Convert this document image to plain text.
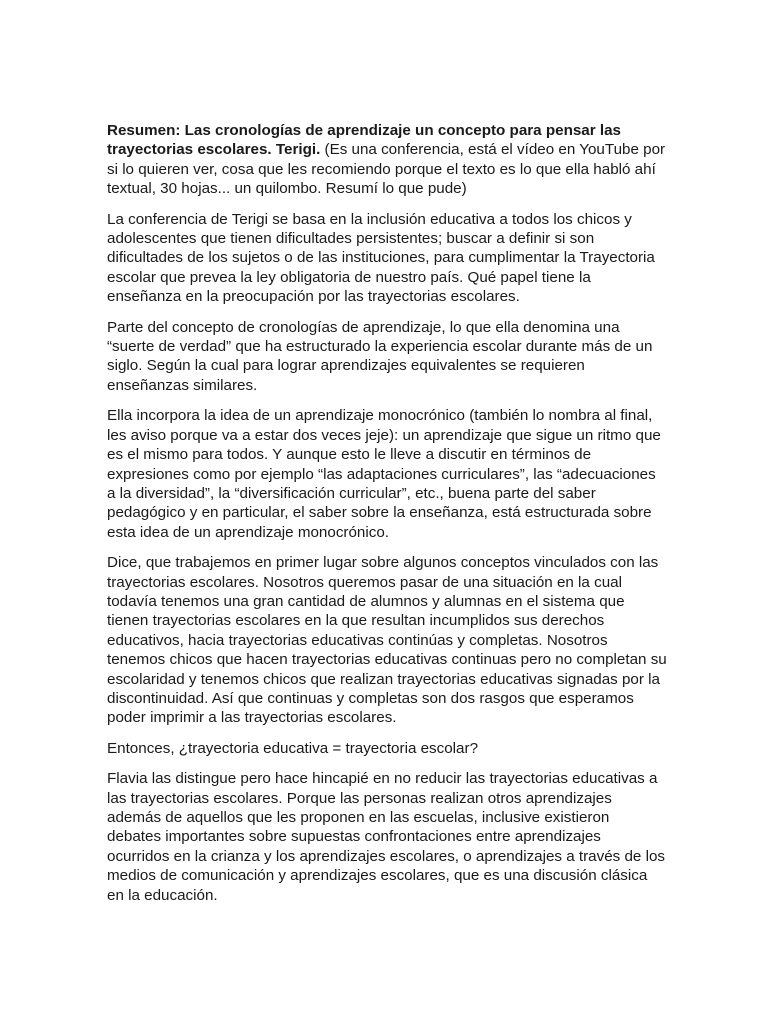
Resumen: Las cronologías de aprendizaje un concepto para pensar las trayectorias escolares. Terigi. (Es una conferencia, está el vídeo en YouTube por si lo quieren ver, cosa que les recomiendo porque el texto es lo que ella habló ahí textual, 30 hojas... un quilombo. Resumí lo que pude)

La conferencia de Terigi se basa en la inclusión educativa a todos los chicos y adolescentes que tienen dificultades persistentes; buscar a definir si son dificultades de los sujetos o de las instituciones, para cumplimentar la Trayectoria escolar que prevea la ley obligatoria de nuestro país. Qué papel tiene la enseñanza en la preocupación por las trayectorias escolares.

Parte del concepto de cronologías de aprendizaje, lo que ella denomina una “suerte de verdad” que ha estructurado la experiencia escolar durante más de un siglo. Según la cual para lograr aprendizajes equivalentes se requieren enseñanzas similares.

Ella incorpora la idea de un aprendizaje monocrónico (también lo nombra al final, les aviso porque va a estar dos veces jeje): un aprendizaje que sigue un ritmo que es el mismo para todos. Y aunque esto le lleve a discutir en términos de expresiones como por ejemplo “las adaptaciones curriculares”, las “adecuaciones a la diversidad”, la “diversificación curricular”, etc., buena parte del saber pedagógico y en particular, el saber sobre la enseñanza, está estructurada sobre esta idea de un aprendizaje monocrónico.

Dice, que trabajemos en primer lugar sobre algunos conceptos vinculados con las trayectorias escolares. Nosotros queremos pasar de una situación en la cual todavía tenemos una gran cantidad de alumnos y alumnas en el sistema que tienen trayectorias escolares en la que resultan incumplidos sus derechos educativos, hacia trayectorias educativas continúas y completas. Nosotros tenemos chicos que hacen trayectorias educativas continuas pero no completan su escolaridad y tenemos chicos que realizan trayectorias educativas signadas por la discontinuidad. Así que continuas y completas son dos rasgos que esperamos poder imprimir a las trayectorias escolares.

Entonces, ¿trayectoria educativa = trayectoria escolar?

Flavia las distingue pero hace hincapié en no reducir las trayectorias educativas a las trayectorias escolares. Porque las personas realizan otros aprendizajes además de aquellos que les proponen en las escuelas, inclusive existieron debates importantes sobre supuestas confrontaciones entre aprendizajes ocurridos en la crianza y los aprendizajes escolares, o aprendizajes a través de los medios de comunicación y aprendizajes escolares, que es una discusión clásica en la educación.
